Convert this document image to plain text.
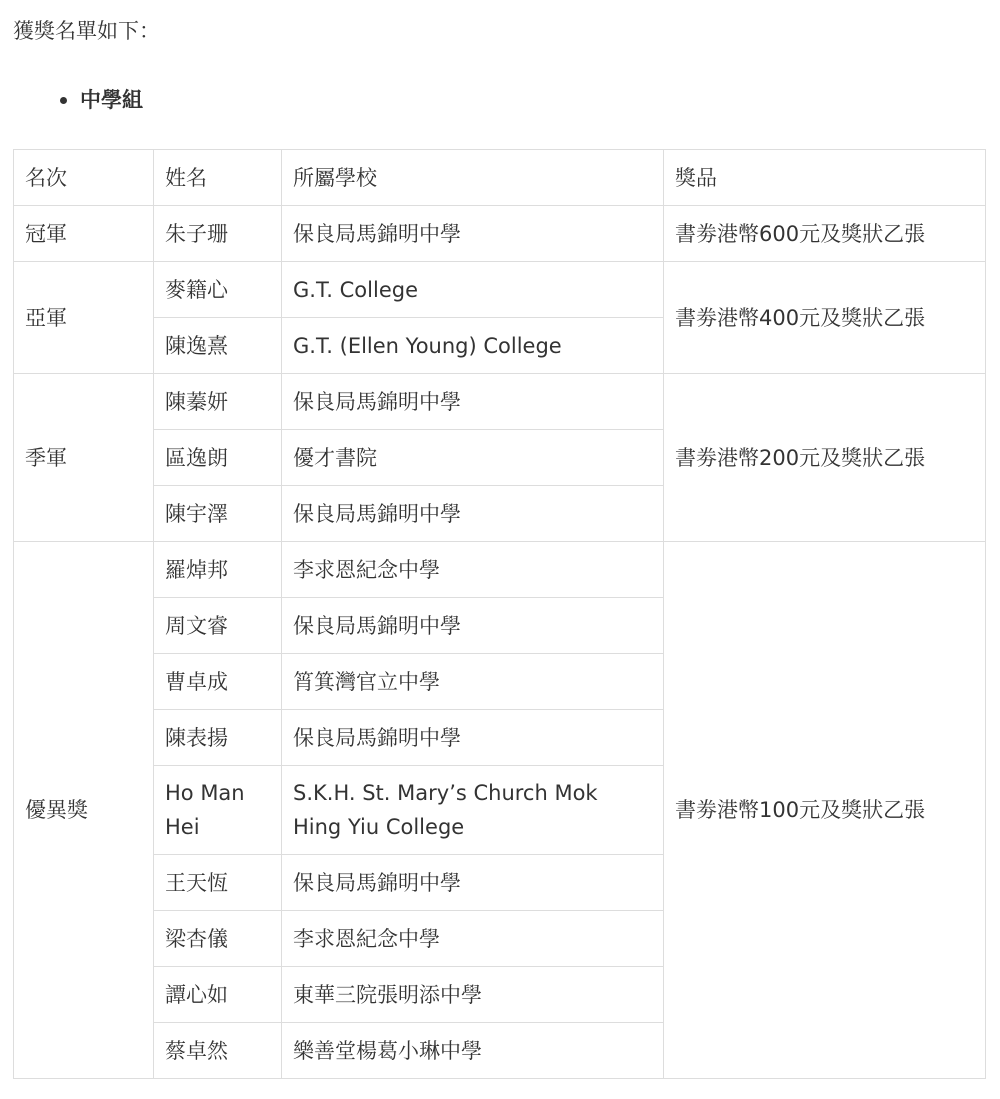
獲獎名單如下：

中學組
名次	姓名	所屬學校	獎品
冠軍	朱子珊	保良局馬錦明中學	書劵港幣600元及獎狀乙張
亞軍	麥籍心	G.T. College	書劵港幣400元及獎狀乙張
	陳逸熹	G.T. (Ellen Young) College	
季軍	陳蓁妍	保良局馬錦明中學	書劵港幣200元及獎狀乙張
	區逸朗	優才書院	
	陳宇澤	保良局馬錦明中學	
優異獎	羅焯邦	李求恩紀念中學	書劵港幣100元及獎狀乙張
	周文睿	保良局馬錦明中學	
	曹卓成	筲箕灣官立中學	
	陳表揚	保良局馬錦明中學	
	Ho Man Hei	S.K.H. St. Mary’s Church Mok Hing Yiu College	
	王天恆	保良局馬錦明中學	
	梁杏儀	李求恩紀念中學	
	譚心如	東華三院張明添中學	
	蔡卓然	樂善堂楊葛小琳中學	
